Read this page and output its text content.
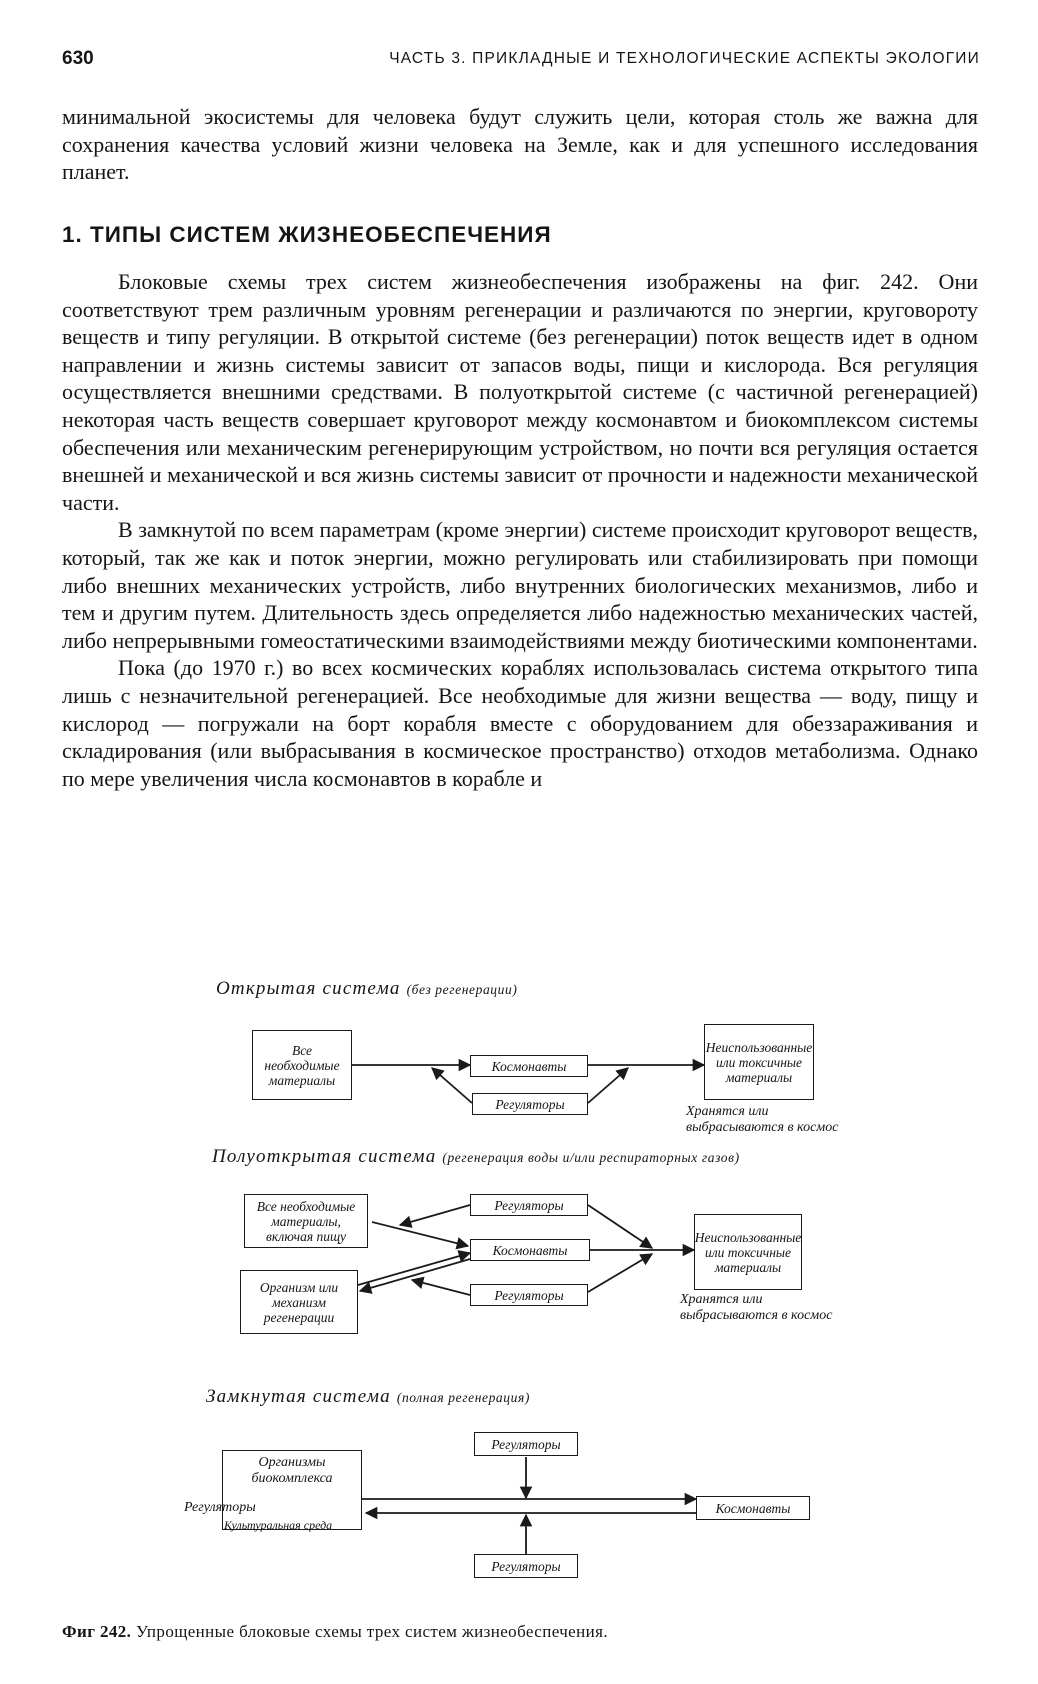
630	ЧАСТЬ 3. ПРИКЛАДНЫЕ И ТЕХНОЛОГИЧЕСКИЕ АСПЕКТЫ ЭКОЛОГИИ

минимальной экосистемы для человека будут служить цели, которая столь же важна для сохранения качества условий жизни человека на Земле, как и для успешного исследования планет.

1. ТИПЫ СИСТЕМ ЖИЗНЕОБЕСПЕЧЕНИЯ

Блоковые схемы трех систем жизнеобеспечения изображены на фиг. 242. Они соответствуют трем различным уровням регенерации и различаются по энергии, круговороту веществ и типу регуляции. В открытой системе (без регенерации) поток веществ идет в одном направлении и жизнь системы зависит от запасов воды, пищи и кислорода. Вся регуляция осуществляется внешними средствами. В полуоткрытой системе (с частичной регенерацией) некоторая часть веществ совершает круговорот между космонавтом и биокомплексом системы обеспечения или механическим регенерирующим устройством, но почти вся регуляция остается внешней и механической и вся жизнь системы зависит от прочности и надежности механической части.

В замкнутой по всем параметрам (кроме энергии) системе происходит круговорот веществ, который, так же как и поток энергии, можно регулировать или стабилизировать при помощи либо внешних механических устройств, либо внутренних биологических механизмов, либо и тем и другим путем. Длительность здесь определяется либо надежностью механических частей, либо непрерывными гомеостатическими взаимодействиями между биотическими компонентами.

Пока (до 1970 г.) во всех космических кораблях использовалась система открытого типа лишь с незначительной регенерацией. Все необходимые для жизни вещества — воду, пищу и кислород — погружали на борт корабля вместе с оборудованием для обеззараживания и складирования (или выбрасывания в космическое пространство) отходов метаболизма. Однако по мере увеличения числа космонавтов в корабле и

Открытая система (без регенерации)
Все необходимые материалы
Космонавты
Регуляторы
Неиспользованные или токсичные материалы
Хранятся или выбрасываются в космос
Полуоткрытая система (регенерация воды и/или респираторных газов)
Все необходимые материалы, включая пищу
Организм или механизм регенерации
Регуляторы
Космонавты
Регуляторы
Неиспользованные или токсичные материалы
Хранятся или выбрасываются в космос
Замкнутая система (полная регенерация)
Организмы биокомплекса
Регуляторы
Культуральная среда
Регуляторы
Космонавты
Регуляторы
Фиг 242. Упрощенные блоковые схемы трех систем жизнеобеспечения.
